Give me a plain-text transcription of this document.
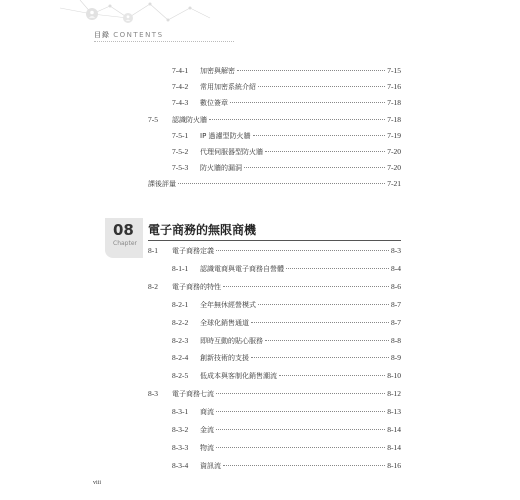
目錄 CONTENTS
7-4-1	加密與解密	7-15
7-4-2	常用加密系統介紹	7-16
7-4-3	數位簽章	7-18
7-5	認識防火牆	7-18
7-5-1	IP 過濾型防火牆	7-19
7-5-2	代理伺服器型防火牆	7-20
7-5-3	防火牆的漏洞	7-20
課後評量	7-21
08
Chapter
電子商務的無限商機
8-1	電子商務定義	8-3
8-1-1	認識電商與電子商務自營體	8-4
8-2	電子商務的特性	8-6
8-2-1	全年無休經營模式	8-7
8-2-2	全球化銷售通道	8-7
8-2-3	即時互動的貼心服務	8-8
8-2-4	創新技術的支援	8-9
8-2-5	低成本與客制化銷售潮流	8-10
8-3	電子商務七流	8-12
8-3-1	商流	8-13
8-3-2	金流	8-14
8-3-3	物流	8-14
8-3-4	資訊流	8-16
viii
